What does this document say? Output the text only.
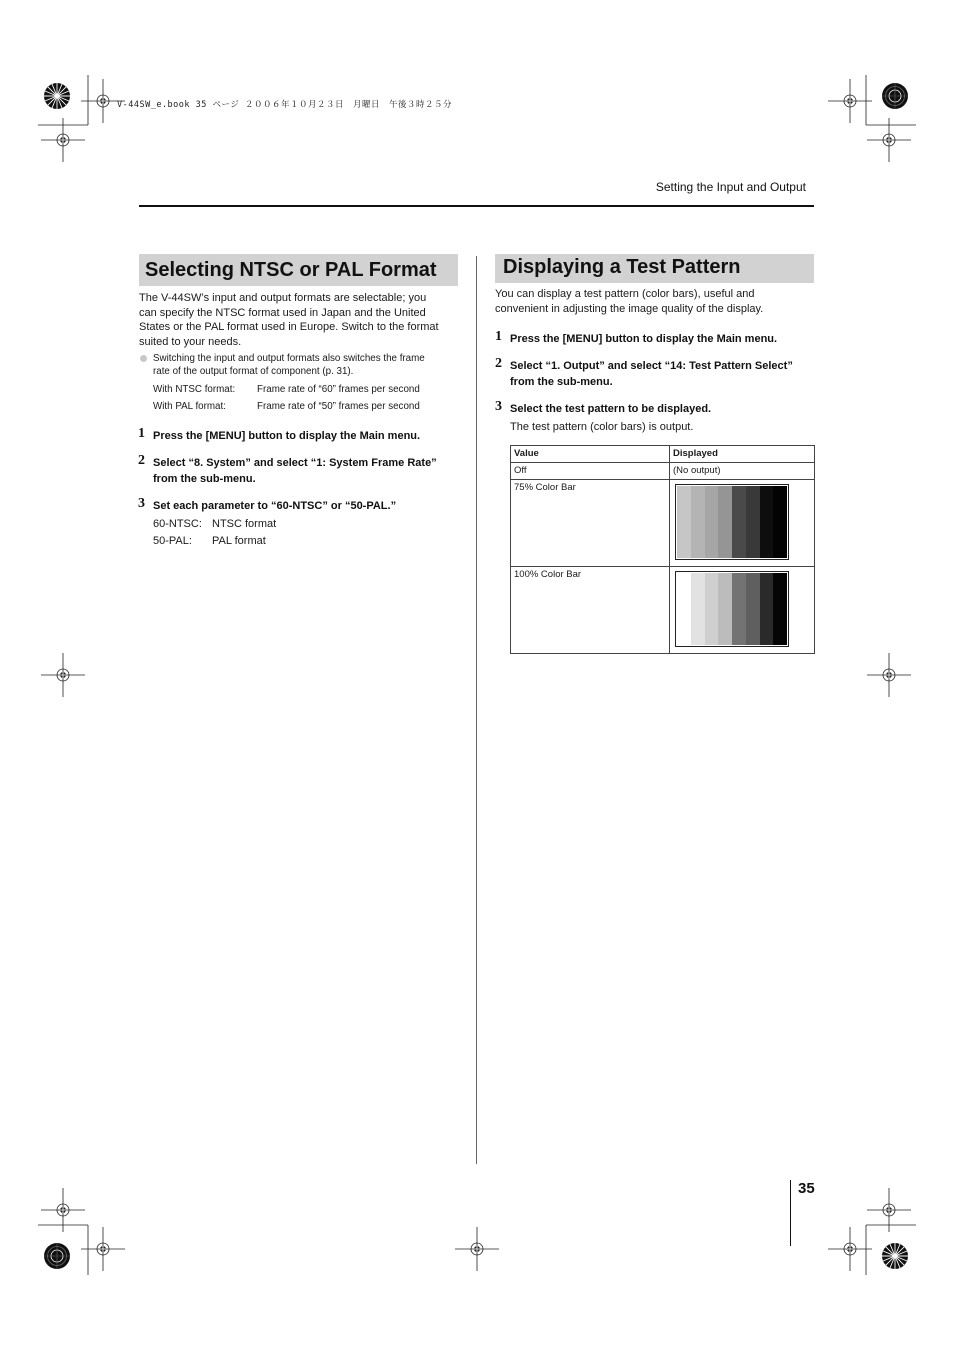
V-44SW_e.book 35 ページ ２００６年１０月２３日　月曜日　午後３時２５分
Setting the Input and Output
Selecting NTSC or PAL Format
The V-44SW’s input and output formats are selectable; you
can specify the NTSC format used in Japan and the United
States or the PAL format used in Europe. Switch to the format
suited to your needs.
Switching the input and output formats also switches the frame
rate of the output format of component (p. 31).
With NTSC format: Frame rate of “60” frames per second
With PAL format:	Frame rate of “50” frames per second
1 Press the [MENU] button to display the Main menu.
2 Select “8. System” and select “1: System Frame Rate”
from the sub-menu.
3 Set each parameter to “60-NTSC” or “50-PAL.”
60-NTSC: NTSC format
50-PAL: PAL format
Displaying a Test Pattern
You can display a test pattern (color bars), useful and
convenient in adjusting the image quality of the display.
1 Press the [MENU] button to display the Main menu.
2 Select “1. Output” and select “14: Test Pattern Select”
from the sub-menu.
3 Select the test pattern to be displayed.
The test pattern (color bars) is output.
Value	Displayed
Off	(No output)
75% Color Bar	

100% Color Bar	
35
